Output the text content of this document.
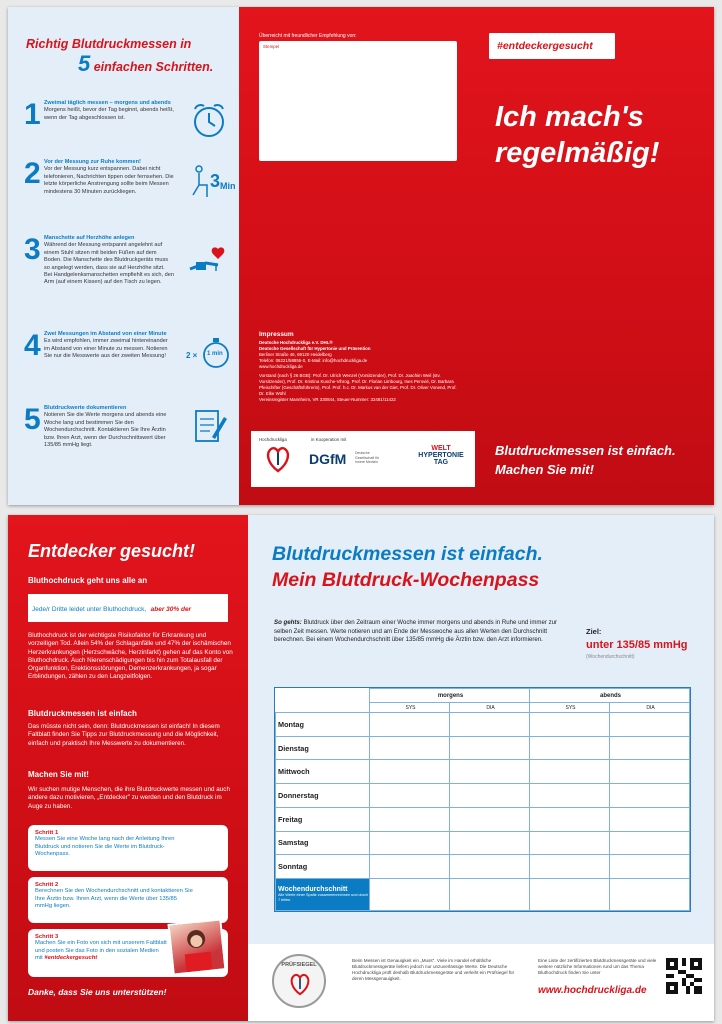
Richtig Blutdruckmessen in
5 einfachen Schritten.
1 Zweimal täglich messen – morgens und abends
Morgens heißt, bevor der Tag beginnt, abends heißt, wenn der Tag abgeschlossen ist.
2 Vor der Messung zur Ruhe kommen!
Vor der Messung kurz entspannen. Dabei nicht telefonieren, Nachrichten tippen oder fernsehen. Die letzte körperliche Anstrengung sollte beim Messen mindestens 30 Minuten zurückliegen.
3 Min
3 Manschette auf Herzhöhe anlegen
Während der Messung entspannt angelehnt auf einem Stuhl sitzen mit beiden Füßen auf dem Boden. Die Manschette des Blutdruckgeräts muss so angelegt werden, dass sie auf Herzhöhe sitzt. Bei Handgelenksmanschetten empfiehlt es sich, den Arm (auf einem Kissen) auf den Tisch zu legen.
4 Zwei Messungen im Abstand von einer Minute
Es wird empfohlen, immer zweimal hintereinander im Abstand von einer Minute zu messen. Notieren Sie nur die Messwerte aus der zweiten Messung!	2 × 1 min
5 Blutdruckwerte dokumentieren
Notieren Sie die Werte morgens und abends eine Woche lang und bestimmen Sie den Wochendurchschnitt. Kontaktieren Sie Ihre Ärztin bzw. Ihren Arzt, wenn der Durchschnittswert über 135/85 mmHg liegt.
Überreicht mit freundlicher Empfehlung von:
Stempel
Impressum
Deutsche Hochdruckliga e.V. DHL®
Deutsche Gesellschaft für Hypertonie und Prävention
Berliner Straße 46, 69120 Heidelberg
Telefon: 06221/58855-0, E-Mail: info@hochdruckliga.de
www.hochdruckliga.de
Vorstand (nach § 26 BGB): Prof. Dr. Ulrich Wenzel (Vorsitzender), Prof. Dr. Joachim Weil (stv. Vorsitzender), Prof. Dr. Kristina Kusche-Vihrog, Prof. Dr. Florian Limbourg, Ines Perovié, Dr. Barbara Pfeischifter (Geschäftsführerin), Prof. Prof. h.c. Dr. Markus van der Giet, Prof. Dr. Oliver Vonend, Prof. Dr. Elke Wühl
Vereinsregister Mannheim, VR 330844, Steuer-Nummer: 32481/11422
Hochdruckliga	in Kooperation mit
DGfM Deutsche Gesellschaft für Innere Medizin
WELT
HYPERTONIE
TAG
#entdeckergesucht
Ich mach's
regelmäßig!
Blutdruckmessen ist einfach.
Machen Sie mit!
Entdecker gesucht!
Bluthochdruck geht uns alle an
Jede/r Dritte leidet unter Bluthochdruck, aber 30% der Betroffenen wissen nichts von ihrer Erkrankung.
Bluthochdruck ist der wichtigste Risikofaktor für Erkrankung und vorzeitigen Tod. Allein 54% der Schlaganfälle und 47% der ischämischen Herzerkrankungen (Herzschwäche, Herzinfarkt) gehen auf das Konto von Bluthochdruck. Auch Nierenschädigungen bis hin zum Totalausfall der Organfunktion, Erektionsstörungen, Demenzerkrankungen, ja sogar Erblindungen, zählen zu den Langzeitfolgen.
Blutdruckmessen ist einfach
Das müsste nicht sein, denn: Blutdruckmessen ist einfach! In diesem Faltblatt finden Sie Tipps zur Blutdruckmessung und die Möglichkeit, einfach und praktisch Ihre Messwerte zu dokumentieren.
Machen Sie mit!
Wir suchen mutige Menschen, die ihre Blutdruckwerte messen und auch andere dazu motivieren, „Entdecker" zu werden und den Blutdruck im Auge zu haben.
Schritt 1
Messen Sie eine Woche lang nach der Anleitung Ihren Blutdruck und notieren Sie die Werte im Blutdruck-Wochenpass.
Schritt 2
Berechnen Sie den Wochendurchschnitt und kontaktieren Sie Ihre Ärztin bzw. Ihren Arzt, wenn die Werte über 135/85 mmHg liegen.
Schritt 3
Machen Sie ein Foto von sich mit unserem Faltblatt und posten Sie das Foto in den sozialen Medien mit #entdeckergesucht
Danke, dass Sie uns unterstützen!
Blutdruckmessen ist einfach.
Mein Blutdruck-Wochenpass
So gehts: Blutdruck über den Zeitraum einer Woche immer morgens und abends in Ruhe und immer zur selben Zeit messen. Werte notieren und am Ende der Messwoche aus allen Werten den Durchschnitt berechnen. Bei einem Wochendurchschnitt über 135/85 mmHg die Ärztin bzw. den Arzt informieren.
Ziel:
unter 135/85 mmHg
(Wochendurchschnitt)
	morgens		abends	
	SYS	DIA	SYS	DIA
Montag				
Dienstag				
Mittwoch				
Donnerstag				
Freitag				
Samstag				
Sonntag				

Wochendurchschnitt
Alle Werte einer Spalte zusammenrechnen und durch 7 teilen.				

PRÜFSIEGEL
Beim Messen ist Genauigkeit ein „Muss". Viele im Handel erhältliche Blutdruckmessgeräte liefern jedoch nur unzuverlässige Werte. Die Deutsche Hochdruckliga prüft deshalb Blutdruckmessgeräte und verleiht ein Prüfsiegel für deren Messgenauigkeit.
Eine Liste der zertifizierten Blutdruckmessgeräte und viele weitere nützliche Informationen rund um das Thema Bluthochdruck finden Sie unter
www.hochdruckliga.de
